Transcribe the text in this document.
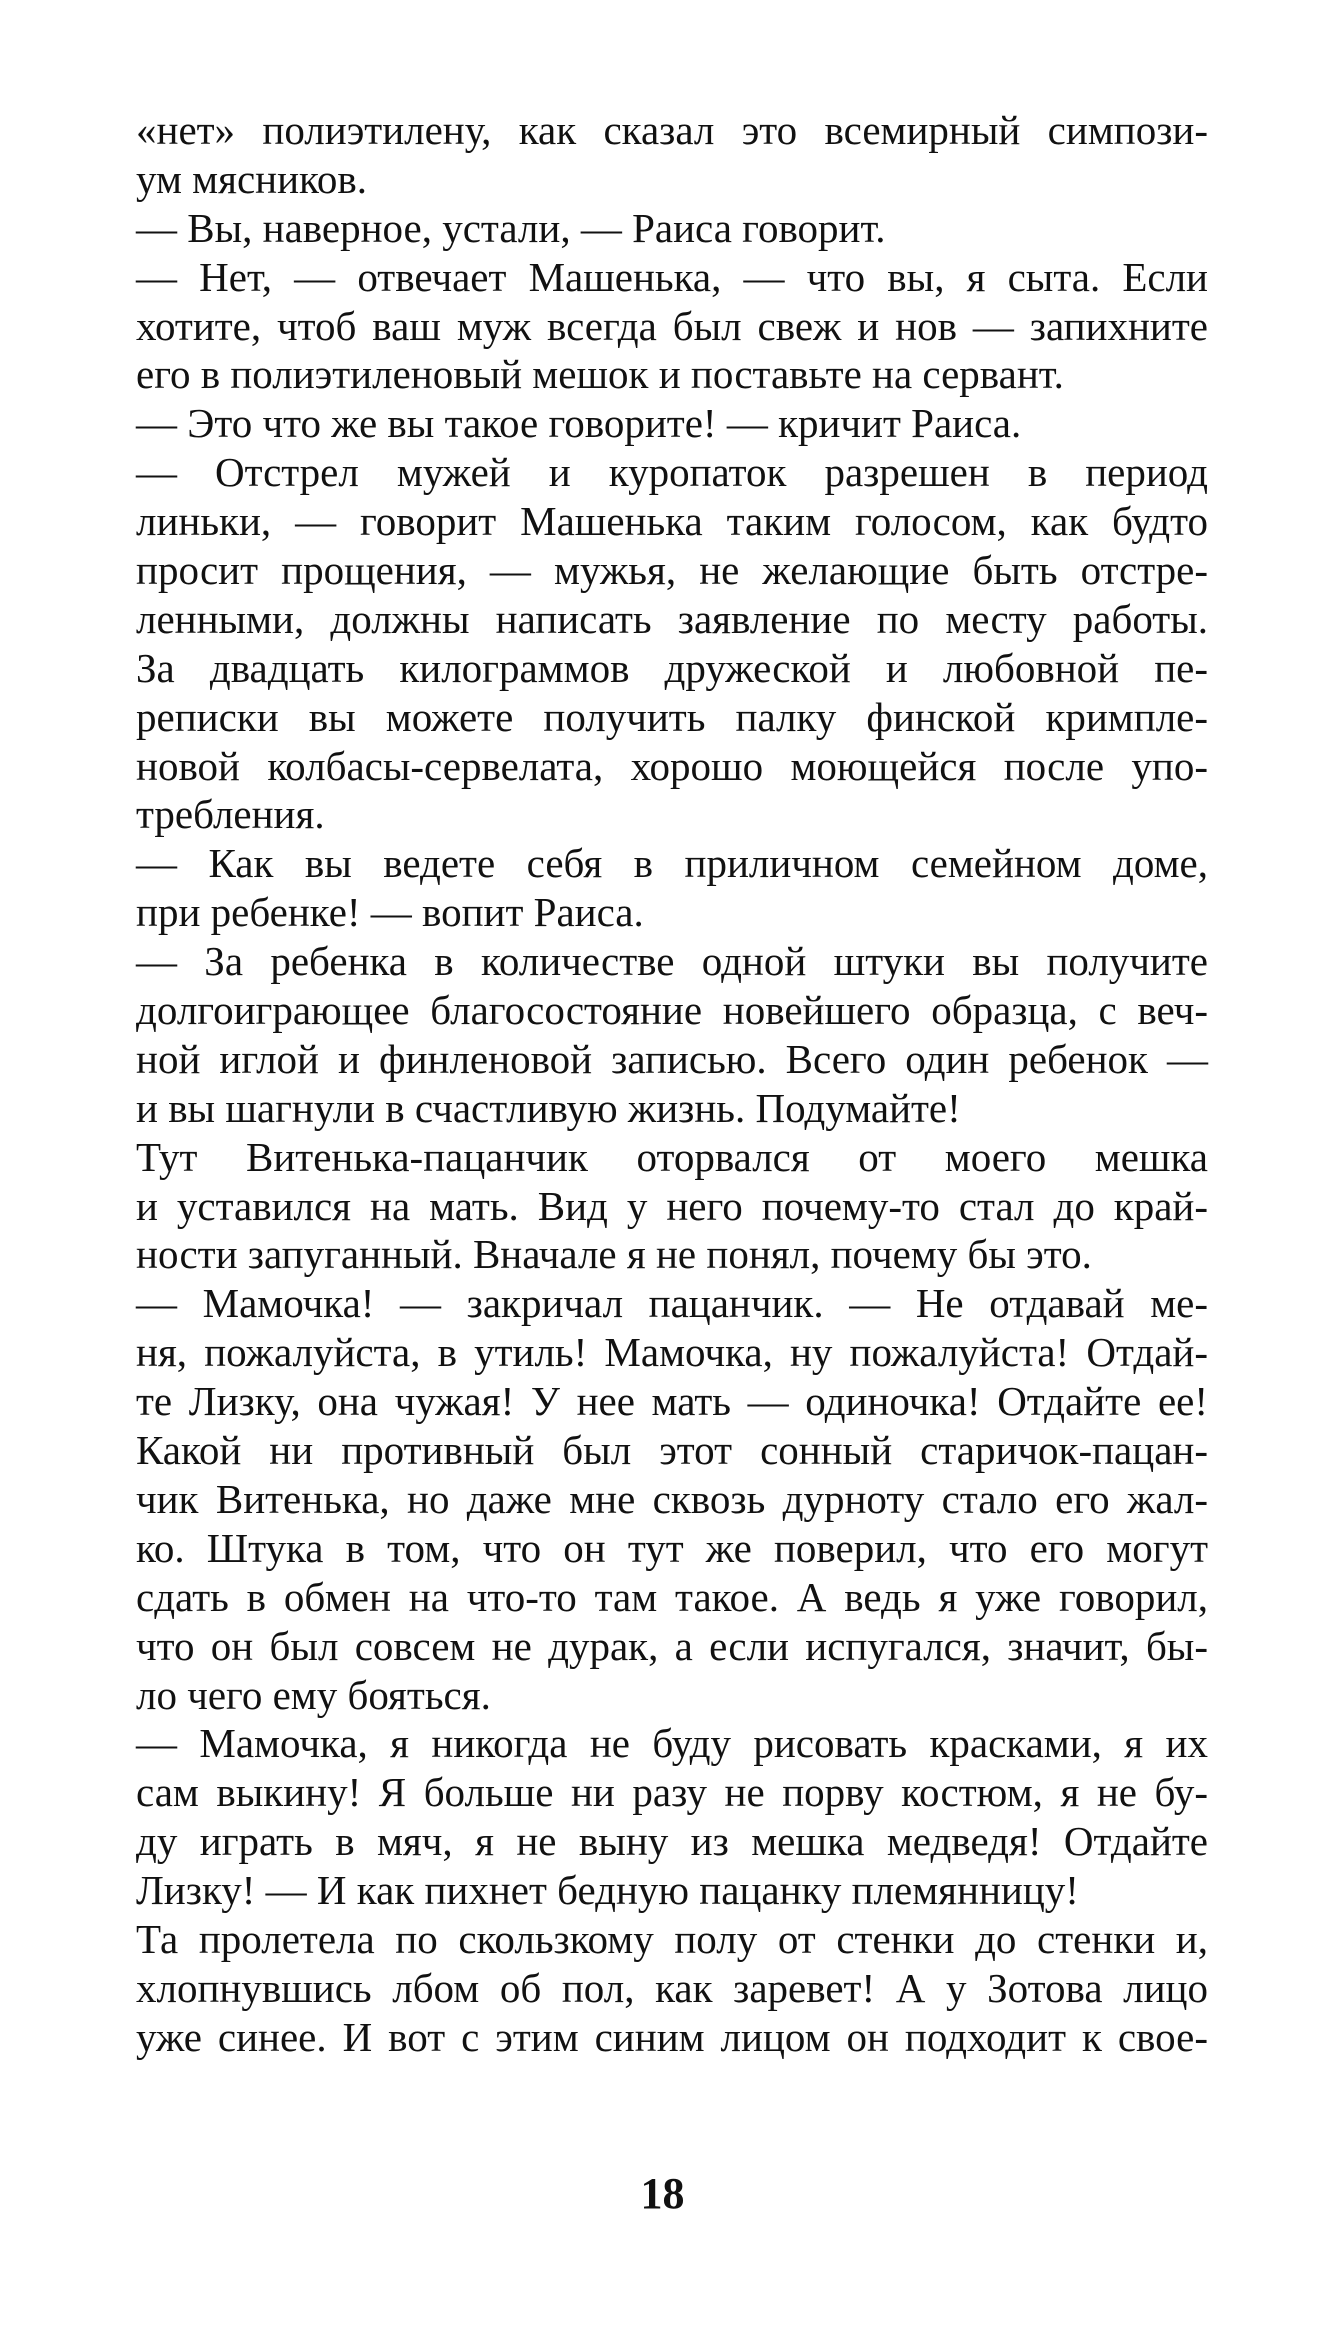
«нет» полиэтилену, как сказал это всемирный симпози-
ум мясников.
— Вы, наверное, устали, — Раиса говорит.
— Нет, — отвечает Машенька, — что вы, я сыта. Если
хотите, чтоб ваш муж всегда был свеж и нов — запихните
его в полиэтиленовый мешок и поставьте на сервант.
— Это что же вы такое говорите! — кричит Раиса.
— Отстрел мужей и куропаток разрешен в период
линьки, — говорит Машенька таким голосом, как будто
просит прощения, — мужья, не желающие быть отстре-
ленными, должны написать заявление по месту работы.
За двадцать килограммов дружеской и любовной пе-
реписки вы можете получить палку финской кримпле-
новой колбасы-сервелата, хорошо моющейся после упо-
требления.
— Как вы ведете себя в приличном семейном доме,
при ребенке! — вопит Раиса.
— За ребенка в количестве одной штуки вы получите
долгоиграющее благосостояние новейшего образца, с веч-
ной иглой и финленовой записью. Всего один ребенок —
и вы шагнули в счастливую жизнь. Подумайте!
Тут Витенька-пацанчик оторвался от моего мешка
и уставился на мать. Вид у него почему-то стал до край-
ности запуганный. Вначале я не понял, почему бы это.
— Мамочка! — закричал пацанчик. — Не отдавай ме-
ня, пожалуйста, в утиль! Мамочка, ну пожалуйста! Отдай-
те Лизку, она чужая! У нее мать — одиночка! Отдайте ее!
Какой ни противный был этот сонный старичок-пацан-
чик Витенька, но даже мне сквозь дурноту стало его жал-
ко. Штука в том, что он тут же поверил, что его могут
сдать в обмен на что-то там такое. А ведь я уже говорил,
что он был совсем не дурак, а если испугался, значит, бы-
ло чего ему бояться.
— Мамочка, я никогда не буду рисовать красками, я их
сам выкину! Я больше ни разу не порву костюм, я не бу-
ду играть в мяч, я не выну из мешка медведя! Отдайте
Лизку! — И как пихнет бедную пацанку племянницу!
Та пролетела по скользкому полу от стенки до стенки и,
хлопнувшись лбом об пол, как заревет! А у Зотова лицо
уже синее. И вот с этим синим лицом он подходит к свое-
18
